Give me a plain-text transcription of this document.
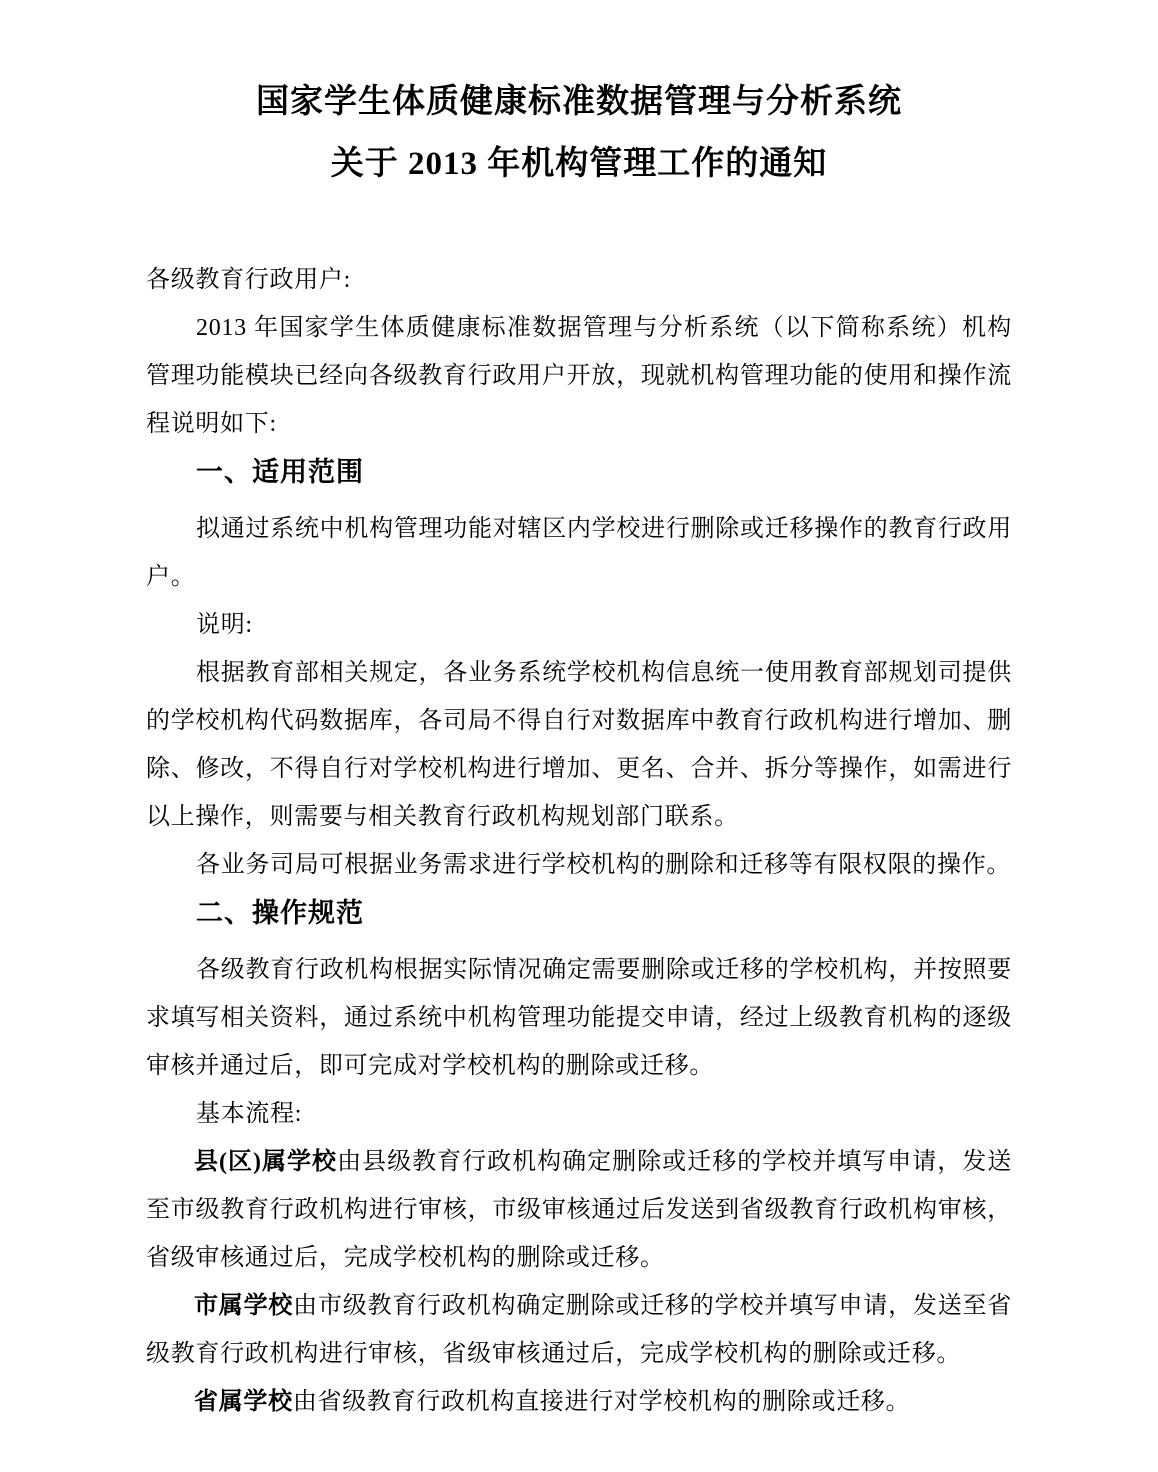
国家学生体质健康标准数据管理与分析系统
关于 2013 年机构管理工作的通知

各级教育行政用户:

2013 年国家学生体质健康标准数据管理与分析系统（以下简称系统）机构管理功能模块已经向各级教育行政用户开放，现就机构管理功能的使用和操作流程说明如下:

一、适用范围

拟通过系统中机构管理功能对辖区内学校进行删除或迁移操作的教育行政用户。

说明:

根据教育部相关规定，各业务系统学校机构信息统一使用教育部规划司提供的学校机构代码数据库，各司局不得自行对数据库中教育行政机构进行增加、删除、修改，不得自行对学校机构进行增加、更名、合并、拆分等操作，如需进行以上操作，则需要与相关教育行政机构规划部门联系。

各业务司局可根据业务需求进行学校机构的删除和迁移等有限权限的操作。

二、操作规范

各级教育行政机构根据实际情况确定需要删除或迁移的学校机构，并按照要求填写相关资料，通过系统中机构管理功能提交申请，经过上级教育机构的逐级审核并通过后，即可完成对学校机构的删除或迁移。

基本流程:

县(区)属学校由县级教育行政机构确定删除或迁移的学校并填写申请，发送至市级教育行政机构进行审核，市级审核通过后发送到省级教育行政机构审核，省级审核通过后，完成学校机构的删除或迁移。

市属学校由市级教育行政机构确定删除或迁移的学校并填写申请，发送至省级教育行政机构进行审核，省级审核通过后，完成学校机构的删除或迁移。

省属学校由省级教育行政机构直接进行对学校机构的删除或迁移。
